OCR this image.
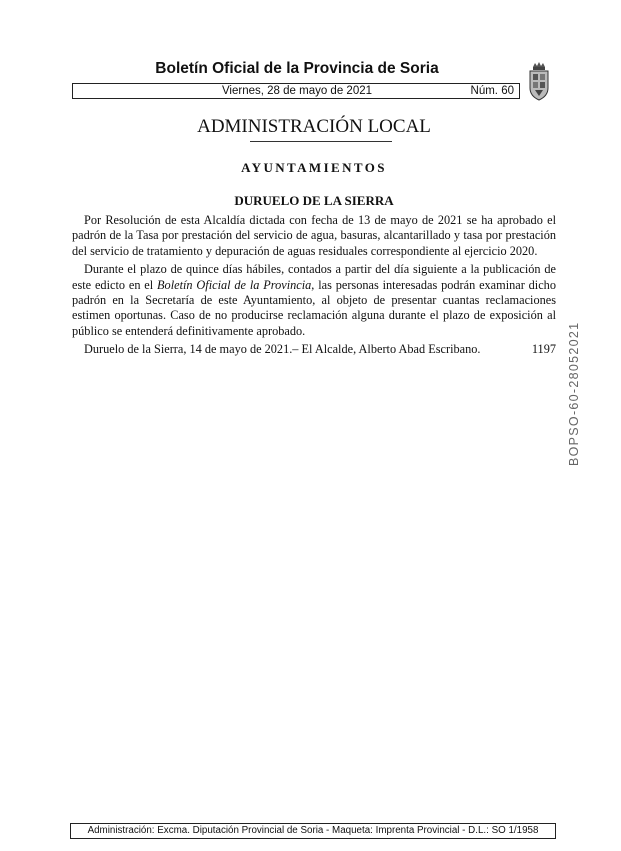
Boletín Oficial de la Provincia de Soria
Viernes, 28 de mayo de 2021	Núm. 60
ADMINISTRACIÓN LOCAL
AYUNTAMIENTOS
DURUELO DE LA SIERRA

Por Resolución de esta Alcaldía dictada con fecha de 13 de mayo de 2021 se ha aprobado el padrón de la Tasa por prestación del servicio de agua, basuras, alcantarillado y tasa por prestación del servicio de tratamiento y depuración de aguas residuales correspondiente al ejercicio 2020.

Durante el plazo de quince días hábiles, contados a partir del día siguiente a la publicación de este edicto en el Boletín Oficial de la Provincia, las personas interesadas podrán examinar dicho padrón en la Secretaría de este Ayuntamiento, al objeto de presentar cuantas reclamaciones estimen oportunas. Caso de no producirse reclamación alguna durante el plazo de exposición al público se entenderá definitivamente aprobado.

Duruelo de la Sierra, 14 de mayo de 2021.– El Alcalde, Alberto Abad Escribano.	1197 BOPSO-60-28052021
Administración: Excma. Diputación Provincial de Soria - Maqueta: Imprenta Provincial - D.L.: SO 1/1958
